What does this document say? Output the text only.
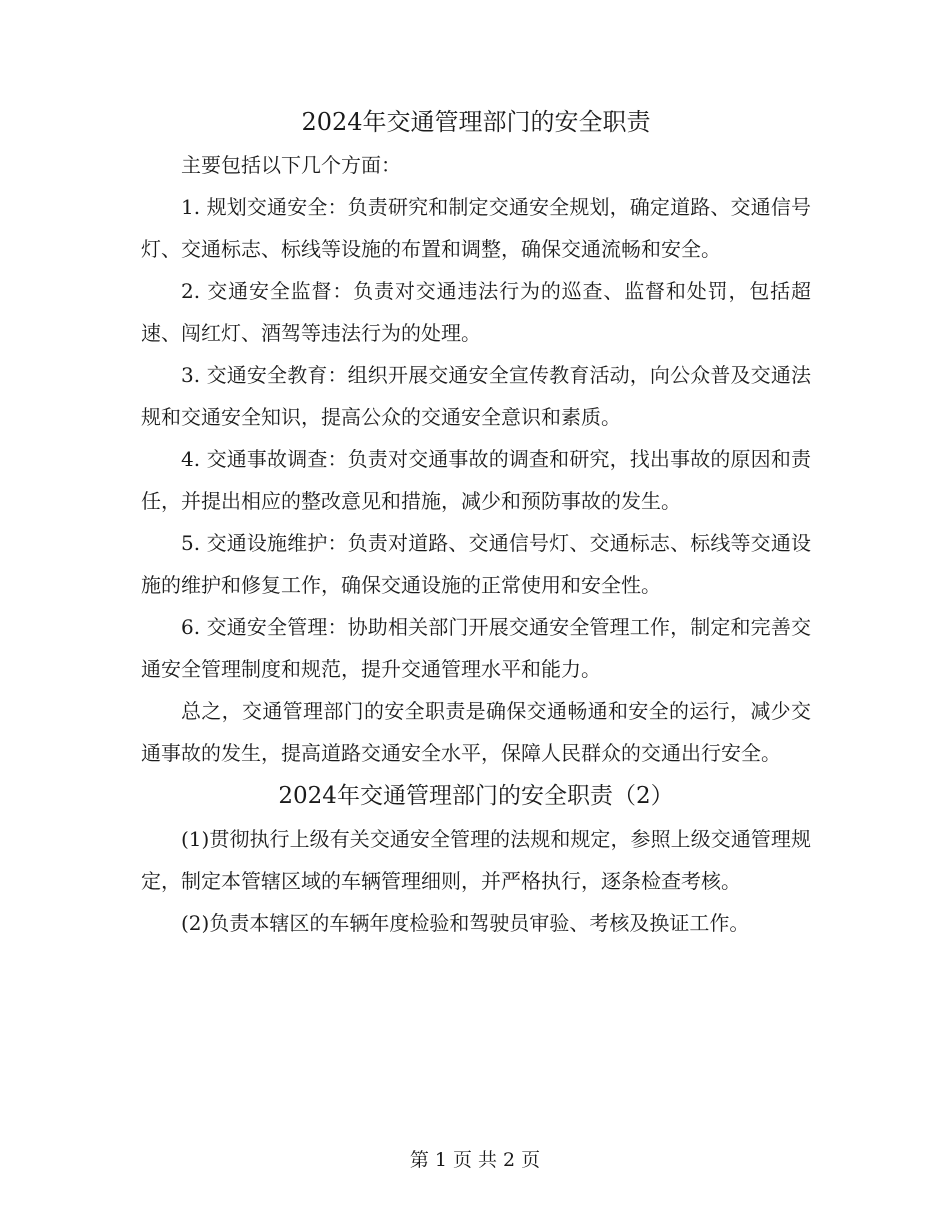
2024年交通管理部门的安全职责

主要包括以下几个方面：

1. 规划交通安全：负责研究和制定交通安全规划，确定道路、交通信号灯、交通标志、标线等设施的布置和调整，确保交通流畅和安全。

2. 交通安全监督：负责对交通违法行为的巡查、监督和处罚，包括超速、闯红灯、酒驾等违法行为的处理。

3. 交通安全教育：组织开展交通安全宣传教育活动，向公众普及交通法规和交通安全知识，提高公众的交通安全意识和素质。

4. 交通事故调查：负责对交通事故的调查和研究，找出事故的原因和责任，并提出相应的整改意见和措施，减少和预防事故的发生。

5. 交通设施维护：负责对道路、交通信号灯、交通标志、标线等交通设施的维护和修复工作，确保交通设施的正常使用和安全性。

6. 交通安全管理：协助相关部门开展交通安全管理工作，制定和完善交通安全管理制度和规范，提升交通管理水平和能力。

总之，交通管理部门的安全职责是确保交通畅通和安全的运行，减少交通事故的发生，提高道路交通安全水平，保障人民群众的交通出行安全。

2024年交通管理部门的安全职责（2）

(1)贯彻执行上级有关交通安全管理的法规和规定，参照上级交通管理规定，制定本管辖区域的车辆管理细则，并严格执行，逐条检查考核。

(2)负责本辖区的车辆年度检验和驾驶员审验、考核及换证工作。

第 1 页 共 2 页
